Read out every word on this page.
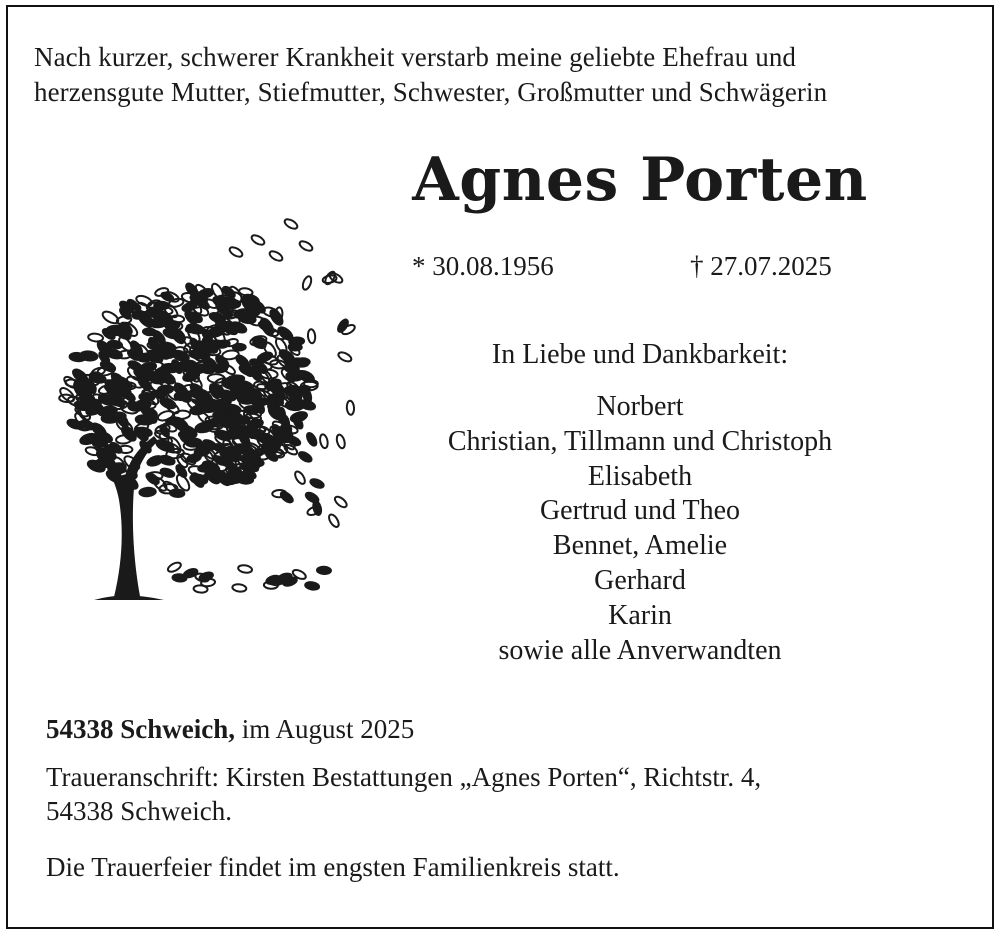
Nach kurzer, schwerer Krankheit verstarb meine geliebte Ehefrau und
herzensgute Mutter, Stiefmutter, Schwester, Großmutter und Schwägerin
Agnes Porten
* 30.08.1956	† 27.07.2025
In Liebe und Dankbarkeit:
Norbert
Christian, Tillmann und Christoph
Elisabeth
Gertrud und Theo
Bennet, Amelie
Gerhard
Karin
sowie alle Anverwandten
54338 Schweich, im August 2025
Traueranschrift: Kirsten Bestattungen „Agnes Porten“, Richtstr. 4,
54338 Schweich.
Die Trauerfeier findet im engsten Familienkreis statt.
